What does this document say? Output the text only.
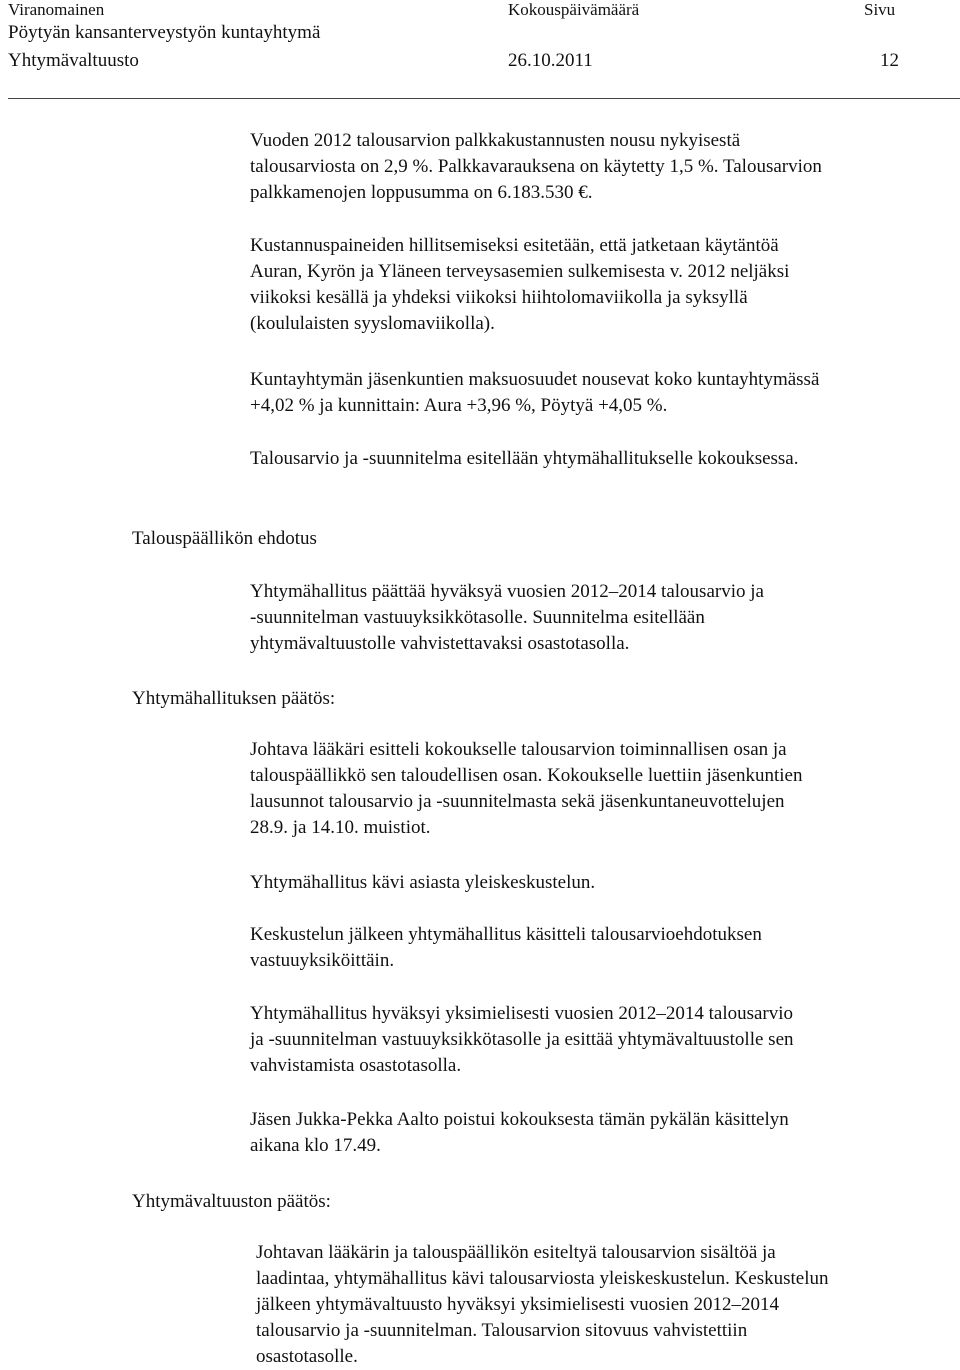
Viranomainen	Kokouspäivämäärä	Sivu
Pöytyän kansanterveystyön kuntayhtymä
Yhtymävaltuusto	26.10.2011	12

Vuoden 2012 talousarvion palkkakustannusten nousu nykyisestä

talousarviosta on 2,9 %. Palkkavarauksena on käytetty 1,5 %. Talousarvion

palkkamenojen loppusumma on 6.183.530 €.

Kustannuspaineiden hillitsemiseksi esitetään, että jatketaan käytäntöä

Auran, Kyrön ja Yläneen terveysasemien sulkemisesta v. 2012 neljäksi

viikoksi kesällä ja yhdeksi viikoksi hiihtolomaviikolla ja syksyllä

(koululaisten syyslomaviikolla).

Kuntayhtymän jäsenkuntien maksuosuudet nousevat koko kuntayhtymässä

+4,02 % ja kunnittain: Aura +3,96 %, Pöytyä +4,05 %.

Talousarvio ja -suunnitelma esitellään yhtymähallitukselle kokouksessa.

Talouspäällikön ehdotus

Yhtymähallitus päättää hyväksyä vuosien 2012–2014 talousarvio ja

-suunnitelman vastuuyksikkötasolle. Suunnitelma esitellään

yhtymävaltuustolle vahvistettavaksi osastotasolla.

Yhtymähallituksen päätös:

Johtava lääkäri esitteli kokoukselle talousarvion toiminnallisen osan ja

talouspäällikkö sen taloudellisen osan. Kokoukselle luettiin jäsenkuntien

lausunnot talousarvio ja -suunnitelmasta sekä jäsenkuntaneuvottelujen

28.9. ja 14.10. muistiot.

Yhtymähallitus kävi asiasta yleiskeskustelun.

Keskustelun jälkeen yhtymähallitus käsitteli talousarvioehdotuksen

vastuuyksiköittäin.

Yhtymähallitus hyväksyi yksimielisesti vuosien 2012–2014 talousarvio

ja -suunnitelman vastuuyksikkötasolle ja esittää yhtymävaltuustolle sen

vahvistamista osastotasolla.

Jäsen Jukka-Pekka Aalto poistui kokouksesta tämän pykälän käsittelyn

aikana klo 17.49.

Yhtymävaltuuston päätös:

Johtavan lääkärin ja talouspäällikön esiteltyä talousarvion sisältöä ja

laadintaa, yhtymähallitus kävi talousarviosta yleiskeskustelun. Keskustelun

jälkeen yhtymävaltuusto hyväksyi yksimielisesti vuosien 2012–2014

talousarvio ja -suunnitelman. Talousarvion sitovuus vahvistettiin

osastotasolle.
